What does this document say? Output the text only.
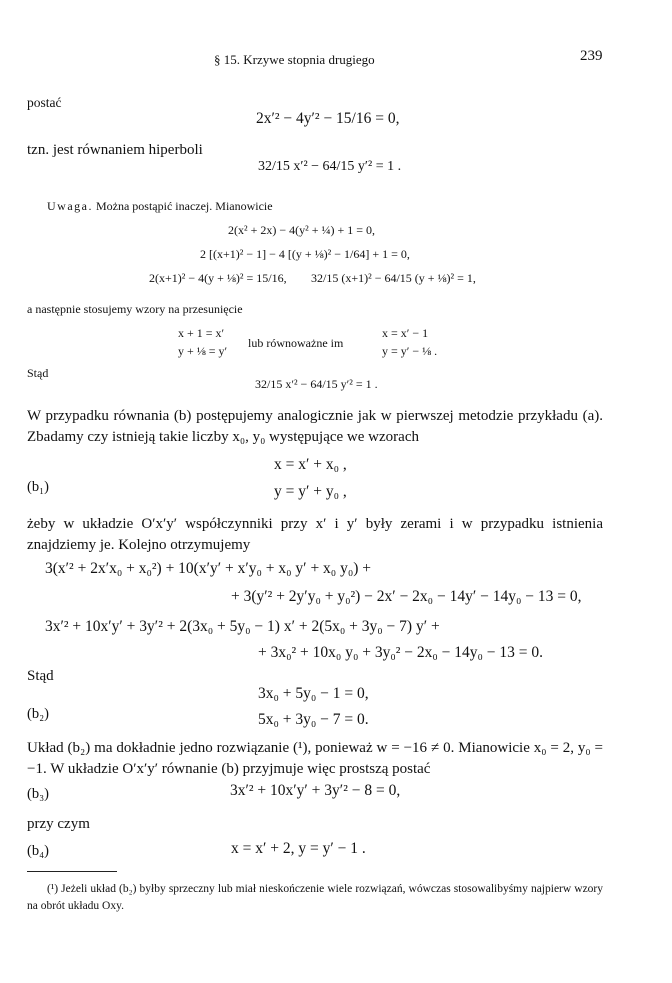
§ 15. Krzywe stopnia drugiego	239
postać
2x′² − 4y′² − 15/16 = 0,
tzn. jest równaniem hiperboli
32/15 x′² − 64/15 y′² = 1 .
Uwaga. Można postąpić inaczej. Mianowicie
2(x² + 2x) − 4(y² + ¼) + 1 = 0,
2 [(x+1)² − 1] − 4 [(y + ⅛)² − 1/64] + 1 = 0,
2(x+1)² − 4(y + ⅛)² = 15/16, 32/15 (x+1)² − 64/15 (y + ⅛)² = 1,
a następnie stosujemy wzory na przesunięcie
x + 1 = x′
y + ⅛ = y′
lub równoważne im
x = x′ − 1
y = y′ − ⅛ .
Stąd
32/15 x′² − 64/15 y′² = 1 .
W przypadku równania (b) postępujemy analogicznie jak w pierwszej metodzie przykładu (a). Zbadamy czy istnieją takie liczby x₀, y₀ występujące we wzorach
(b₁)
x = x′ + x₀ ,
y = y′ + y₀ ,
żeby w układzie O′x′y′ współczynniki przy x′ i y′ były zerami i w przypadku istnienia znajdziemy je. Kolejno otrzymujemy
3(x′² + 2x′x₀ + x₀²) + 10(x′y′ + x′y₀ + x₀ y′ + x₀ y₀) +
+ 3(y′² + 2y′y₀ + y₀²) − 2x′ − 2x₀ − 14y′ − 14y₀ − 13 = 0,
3x′² + 10x′y′ + 3y′² + 2(3x₀ + 5y₀ − 1) x′ + 2(5x₀ + 3y₀ − 7) y′ +
+ 3x₀² + 10x₀ y₀ + 3y₀² − 2x₀ − 14y₀ − 13 = 0.
Stąd
(b₂)
3x₀ + 5y₀ − 1 = 0,
5x₀ + 3y₀ − 7 = 0.
Układ (b₂) ma dokładnie jedno rozwiązanie (¹), ponieważ w = −16 ≠ 0. Mianowicie x₀ = 2, y₀ = −1. W układzie O′x′y′ równanie (b) przyjmuje więc prostszą postać
(b₃)	3x′² + 10x′y′ + 3y′² − 8 = 0,
przy czym
(b₄)	x = x′ + 2, y = y′ − 1 .
(¹) Jeżeli układ (b₂) byłby sprzeczny lub miał nieskończenie wiele rozwiązań, wówczas stosowalibyśmy najpierw wzory na obrót układu Oxy.
